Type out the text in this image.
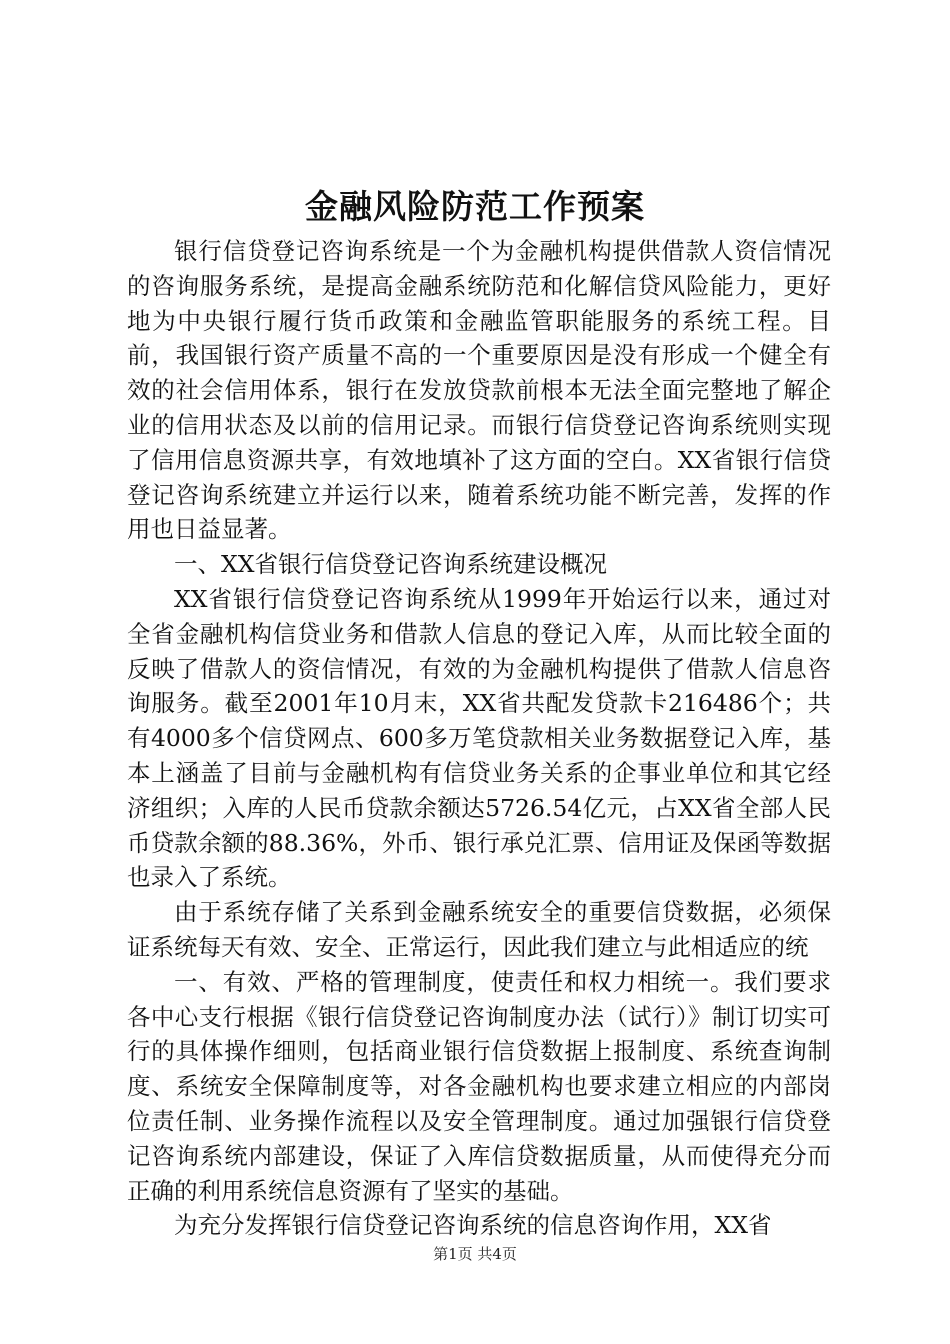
金融风险防范工作预案

银行信贷登记咨询系统是一个为金融机构提供借款人资信情况的咨询服务系统，是提高金融系统防范和化解信贷风险能力，更好地为中央银行履行货币政策和金融监管职能服务的系统工程。目前，我国银行资产质量不高的一个重要原因是没有形成一个健全有效的社会信用体系，银行在发放贷款前根本无法全面完整地了解企业的信用状态及以前的信用记录。而银行信贷登记咨询系统则实现了信用信息资源共享，有效地填补了这方面的空白。XX省银行信贷登记咨询系统建立并运行以来，随着系统功能不断完善，发挥的作用也日益显著。

一、XX省银行信贷登记咨询系统建设概况

XX省银行信贷登记咨询系统从1999年开始运行以来，通过对全省金融机构信贷业务和借款人信息的登记入库，从而比较全面的反映了借款人的资信情况，有效的为金融机构提供了借款人信息咨询服务。截至2001年10月末，XX省共配发贷款卡216486个；共有4000多个信贷网点、600多万笔贷款相关业务数据登记入库，基本上涵盖了目前与金融机构有信贷业务关系的企事业单位和其它经济组织；入库的人民币贷款余额达5726.54亿元，占XX省全部人民币贷款余额的88.36%，外币、银行承兑汇票、信用证及保函等数据也录入了系统。

由于系统存储了关系到金融系统安全的重要信贷数据，必须保证系统每天有效、安全、正常运行，因此我们建立与此相适应的统

一、有效、严格的管理制度，使责任和权力相统一。我们要求各中心支行根据《银行信贷登记咨询制度办法（试行）》制订切实可行的具体操作细则，包括商业银行信贷数据上报制度、系统查询制度、系统安全保障制度等，对各金融机构也要求建立相应的内部岗位责任制、业务操作流程以及安全管理制度。通过加强银行信贷登记咨询系统内部建设，保证了入库信贷数据质量，从而使得充分而正确的利用系统信息资源有了坚实的基础。

为充分发挥银行信贷登记咨询系统的信息咨询作用，XX省

第1页 共4页
